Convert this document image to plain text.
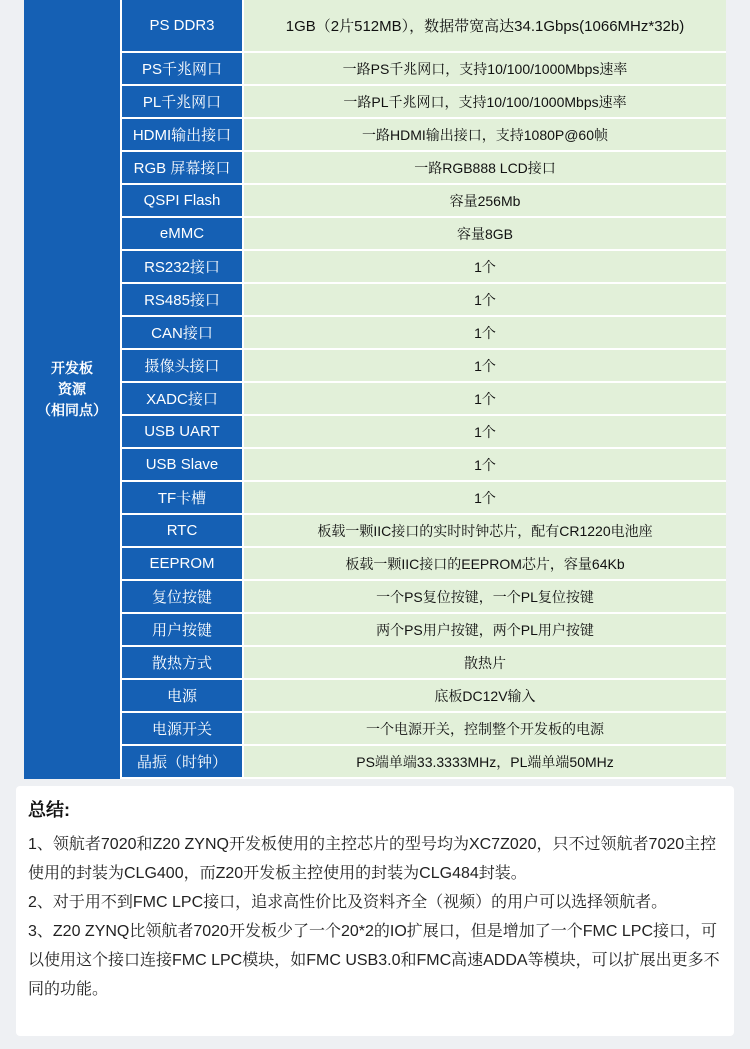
开发板
资源
（相同点）
PS DDR3	1GB（2片512MB），数据带宽高达34.1Gbps(1066MHz*32b)
PS千兆网口	一路PS千兆网口，支持10/100/1000Mbps速率
PL千兆网口	一路PL千兆网口，支持10/100/1000Mbps速率
HDMI输出接口	一路HDMI输出接口，支持1080P@60帧
RGB 屏幕接口	一路RGB888 LCD接口
QSPI Flash	容量256Mb
eMMC	容量8GB
RS232接口	1个
RS485接口	1个
CAN接口	1个
摄像头接口	1个
XADC接口	1个
USB UART	1个
USB Slave	1个
TF卡槽	1个
RTC	板载一颗IIC接口的实时时钟芯片，配有CR1220电池座
EEPROM	板载一颗IIC接口的EEPROM芯片，容量64Kb
复位按键	一个PS复位按键，一个PL复位按键
用户按键	两个PS用户按键，两个PL用户按键
散热方式	散热片
电源	底板DC12V输入
电源开关	一个电源开关，控制整个开发板的电源
晶振（时钟）	PS端单端33.3333MHz，PL端单端50MHz
总结:

1、领航者7020和Z20 ZYNQ开发板使用的主控芯片的型号均为XC7Z020，只不过领航者7020主控使用的封装为CLG400，而Z20开发板主控使用的封装为CLG484封装。

2、对于用不到FMC LPC接口，追求高性价比及资料齐全（视频）的用户可以选择领航者。

3、Z20 ZYNQ比领航者7020开发板少了一个20*2的IO扩展口，但是增加了一个FMC LPC接口，可以使用这个接口连接FMC LPC模块，如FMC USB3.0和FMC高速ADDA等模块，可以扩展出更多不同的功能。
